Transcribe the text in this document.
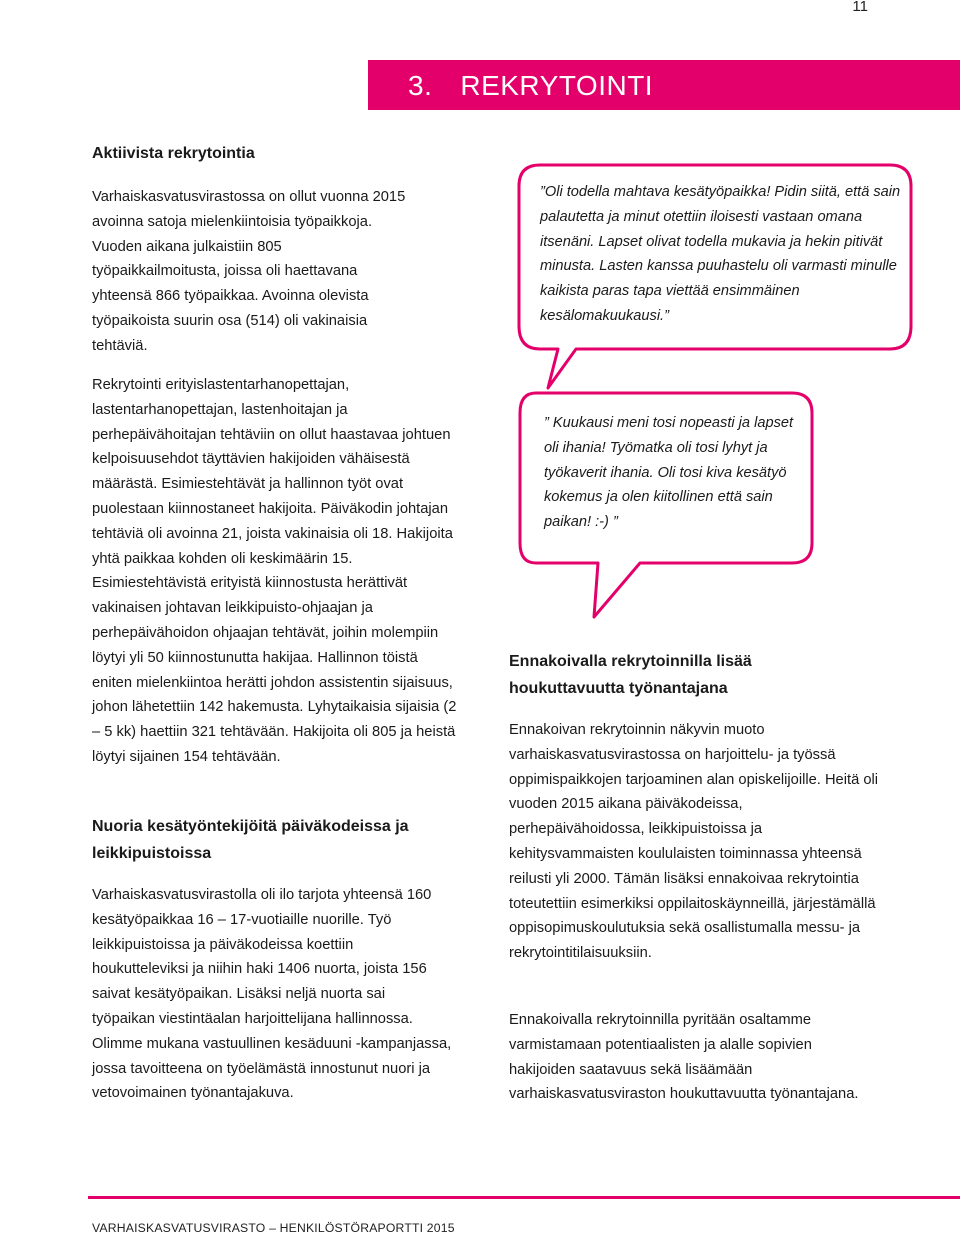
11
3. REKRYTOINTI
Aktiivista rekrytointia

Varhaiskasvatusvirastossa on ollut vuonna 2015 avoinna satoja mielenkiintoisia työpaikkoja. Vuoden aikana julkaistiin 805 työpaikkailmoitusta, joissa oli haettavana yhteensä 866 työpaikkaa. Avoinna olevista työpaikoista suurin osa (514) oli vakinaisia tehtäviä.

Rekrytointi erityislastentarhanopettajan, lastentarhanopettajan, lastenhoitajan ja perhepäivähoitajan tehtäviin on ollut haastavaa johtuen kelpoisuusehdot täyttävien hakijoiden vähäisestä määrästä. Esimiestehtävät ja hallinnon työt ovat puolestaan kiinnostaneet hakijoita. Päiväkodin johtajan tehtäviä oli avoinna 21, joista vakinaisia oli 18. Hakijoita yhtä paikkaa kohden oli keskimäärin 15. Esimiestehtävistä erityistä kiinnostusta herättivät vakinaisen johtavan leikkipuisto-ohjaajan ja perhepäivähoidon ohjaajan tehtävät, joihin molempiin löytyi yli 50 kiinnostunutta hakijaa. Hallinnon töistä eniten mielenkiintoa herätti johdon assistentin sijaisuus, johon lähetettiin 142 hakemusta. Lyhytaikaisia sijaisia (2 – 5 kk) haettiin 321 tehtävään. Hakijoita oli 805 ja heistä löytyi sijainen 154 tehtävään.

Nuoria kesätyöntekijöitä päiväkodeissa ja leikkipuistoissa

Varhaiskasvatusvirastolla oli ilo tarjota yhteensä 160 kesätyöpaikkaa 16 – 17-vuotiaille nuorille. Työ leikkipuistoissa ja päiväkodeissa koettiin houkutteleviksi ja niihin haki 1406 nuorta, joista 156 saivat kesätyöpaikan. Lisäksi neljä nuorta sai työpaikan viestintäalan harjoittelijana hallinnossa. Olimme mukana vastuullinen kesäduuni -kampanjassa, jossa tavoitteena on työelämästä innostunut nuori ja vetovoimainen työnantajakuva.

”Oli todella mahtava kesätyöpaikka! Pidin siitä, että sain palautetta ja minut otettiin iloisesti vastaan omana itsenäni. Lapset olivat todella mukavia ja hekin pitivät minusta. Lasten kanssa puuhastelu oli varmasti minulle kaikista paras tapa viettää ensimmäinen kesälomakuukausi.”

” Kuukausi meni tosi nopeasti ja lapset oli ihania! Työmatka oli tosi lyhyt ja työkaverit ihania. Oli tosi kiva kesätyö kokemus ja olen kiitollinen että sain paikan! :-) ”

Ennakoivalla rekrytoinnilla lisää houkuttavuutta työnantajana

Ennakoivan rekrytoinnin näkyvin muoto varhaiskasvatusvirastossa on harjoittelu- ja työssä oppimispaikkojen tarjoaminen alan opiskelijoille. Heitä oli vuoden 2015 aikana päiväkodeissa, perhepäivähoidossa, leikkipuistoissa ja kehitysvammaisten koululaisten toiminnassa yhteensä reilusti yli 2000. Tämän lisäksi ennakoivaa rekrytointia toteutettiin esimerkiksi oppilaitoskäynneillä, järjestämällä oppisopimuskoulutuksia sekä osallistumalla messu- ja rekrytointitilaisuuksiin.

Ennakoivalla rekrytoinnilla pyritään osaltamme varmistamaan potentiaalisten ja alalle sopivien hakijoiden saatavuus sekä lisäämään varhaiskasvatusviraston houkuttavuutta työnantajana.

VARHAISKASVATUSVIRASTO – HENKILÖSTÖRAPORTTI 2015
